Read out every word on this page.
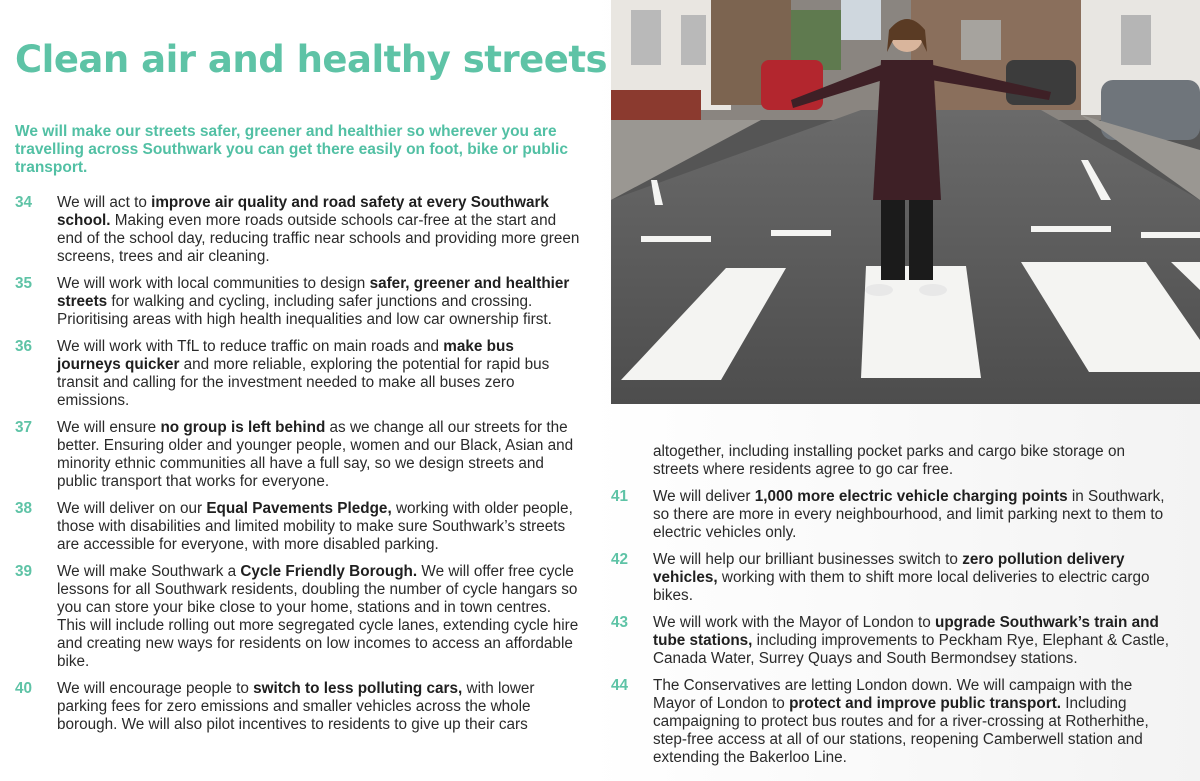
Clean air and healthy streets

We will make our streets safer, greener and healthier so wherever you are travelling across Southwark you can get there easily on foot, bike or public transport.

34	We will act to improve air quality and road safety at every Southwark school. Making even more roads outside schools car-free at the start and end of the school day, reducing traffic near schools and providing more green screens, trees and air cleaning.
35	We will work with local communities to design safer, greener and healthier streets for walking and cycling, including safer junctions and crossing. Prioritising areas with high health inequalities and low car ownership first.
36	We will work with TfL to reduce traffic on main roads and make bus journeys quicker and more reliable, exploring the potential for rapid bus transit and calling for the investment needed to make all buses zero emissions.
37	We will ensure no group is left behind as we change all our streets for the better. Ensuring older and younger people, women and our Black, Asian and minority ethnic communities all have a full say, so we design streets and public transport that works for everyone.
38	We will deliver on our Equal Pavements Pledge, working with older people, those with disabilities and limited mobility to make sure Southwark’s streets are accessible for everyone, with more disabled parking.
39	We will make Southwark a Cycle Friendly Borough. We will offer free cycle lessons for all Southwark residents, doubling the number of cycle hangars so you can store your bike close to your home, stations and in town centres. This will include rolling out more segregated cycle lanes, extending cycle hire and creating new ways for residents on low incomes to access an affordable bike.
40	We will encourage people to switch to less polluting cars, with lower parking fees for zero emissions and smaller vehicles across the whole borough. We will also pilot incentives to residents to give up their cars
altogether, including installing pocket parks and cargo bike storage on streets where residents agree to go car free.
41	We will deliver 1,000 more electric vehicle charging points in Southwark, so there are more in every neighbourhood, and limit parking next to them to electric vehicles only.
42	We will help our brilliant businesses switch to zero pollution delivery vehicles, working with them to shift more local deliveries to electric cargo bikes.
43	We will work with the Mayor of London to upgrade Southwark’s train and tube stations, including improvements to Peckham Rye, Elephant & Castle, Canada Water, Surrey Quays and South Bermondsey stations.
44	The Conservatives are letting London down. We will campaign with the Mayor of London to protect and improve public transport. Including campaigning to protect bus routes and for a river-crossing at Rotherhithe, step-free access at all of our stations, reopening Camberwell station and extending the Bakerloo Line.
